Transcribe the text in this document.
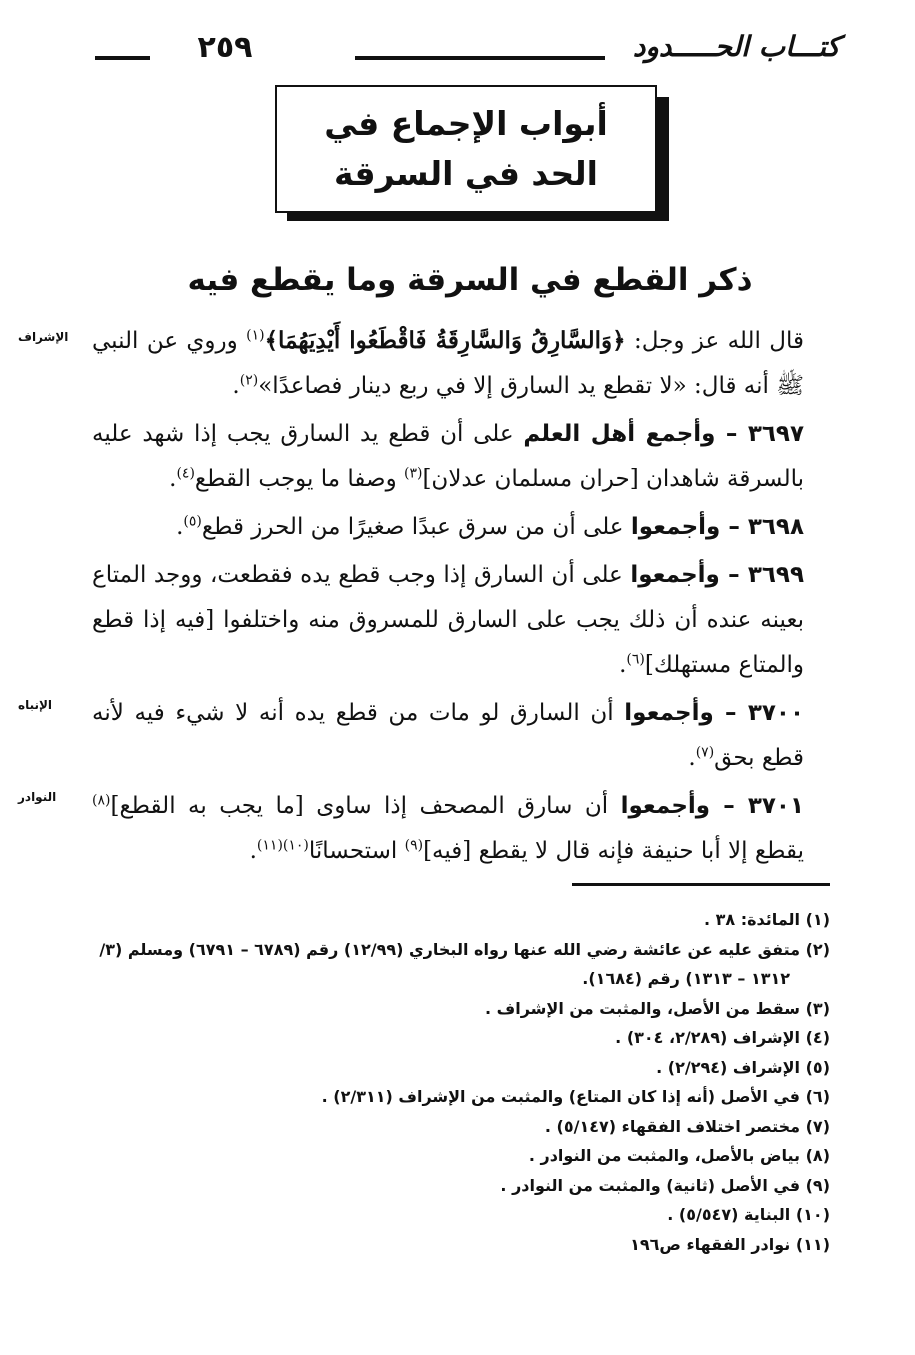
٢٥٩	كتـــاب الحـــــدود
أبواب الإجماع في الحد في السرقة
ذكر القطع في السرقة وما يقطع فيه
الإشراف
الإنباه
النوادر

قال الله عز وجل: ﴿وَالسَّارِقُ وَالسَّارِقَةُ فَاقْطَعُوا أَيْدِيَهُمَا﴾$^{(١)}$ وروي عن النبي ﷺ أنه قال: «لا تقطع يد السارق إلا في ربع دينار فصاعدًا»$^{(٢)}$.

٣٦٩٧ – وأجمع أهل العلم على أن قطع يد السارق يجب إذا شهد عليه بالسرقة شاهدان [حران مسلمان عدلان]$^{(٣)}$ وصفا ما يوجب القطع$^{(٤)}$.

٣٦٩٨ – وأجمعوا على أن من سرق عبدًا صغيرًا من الحرز قطع$^{(٥)}$.

٣٦٩٩ – وأجمعوا على أن السارق إذا وجب قطع يده فقطعت، ووجد المتاع بعينه عنده أن ذلك يجب على السارق للمسروق منه واختلفوا [فيه إذا قطع والمتاع مستهلك]$^{(٦)}$.

٣٧٠٠ – وأجمعوا أن السارق لو مات من قطع يده أنه لا شيء فيه لأنه قطع بحق$^{(٧)}$.

٣٧٠١ – وأجمعوا أن سارق المصحف إذا ساوى [ما يجب به القطع]$^{(٨)}$ يقطع إلا أبا حنيفة فإنه قال لا يقطع [فيه]$^{(٩)}$ استحسانًا$^{(١٠)(١١)}$.

(١) المائدة: ٣٨ .

(٢) متفق عليه عن عائشة رضي الله عنها رواه البخاري (١٢/٩٩) رقم (٦٧٨٩ – ٦٧٩١) ومسلم (٣/

١٣١٢ – ١٣١٣) رقم (١٦٨٤).

(٣) سقط من الأصل، والمثبت من الإشراف .

(٤) الإشراف (٢/٢٨٩، ٣٠٤) .

(٥) الإشراف (٢/٢٩٤) .

(٦) في الأصل (أنه إذا كان المتاع) والمثبت من الإشراف (٢/٣١١) .

(٧) مختصر اختلاف الفقهاء (٥/١٤٧) .

(٨) بياض بالأصل، والمثبت من النوادر .

(٩) في الأصل (ثانية) والمثبت من النوادر .

(١٠) البناية (٥/٥٤٧) .

(١١) نوادر الفقهاء ص١٩٦
